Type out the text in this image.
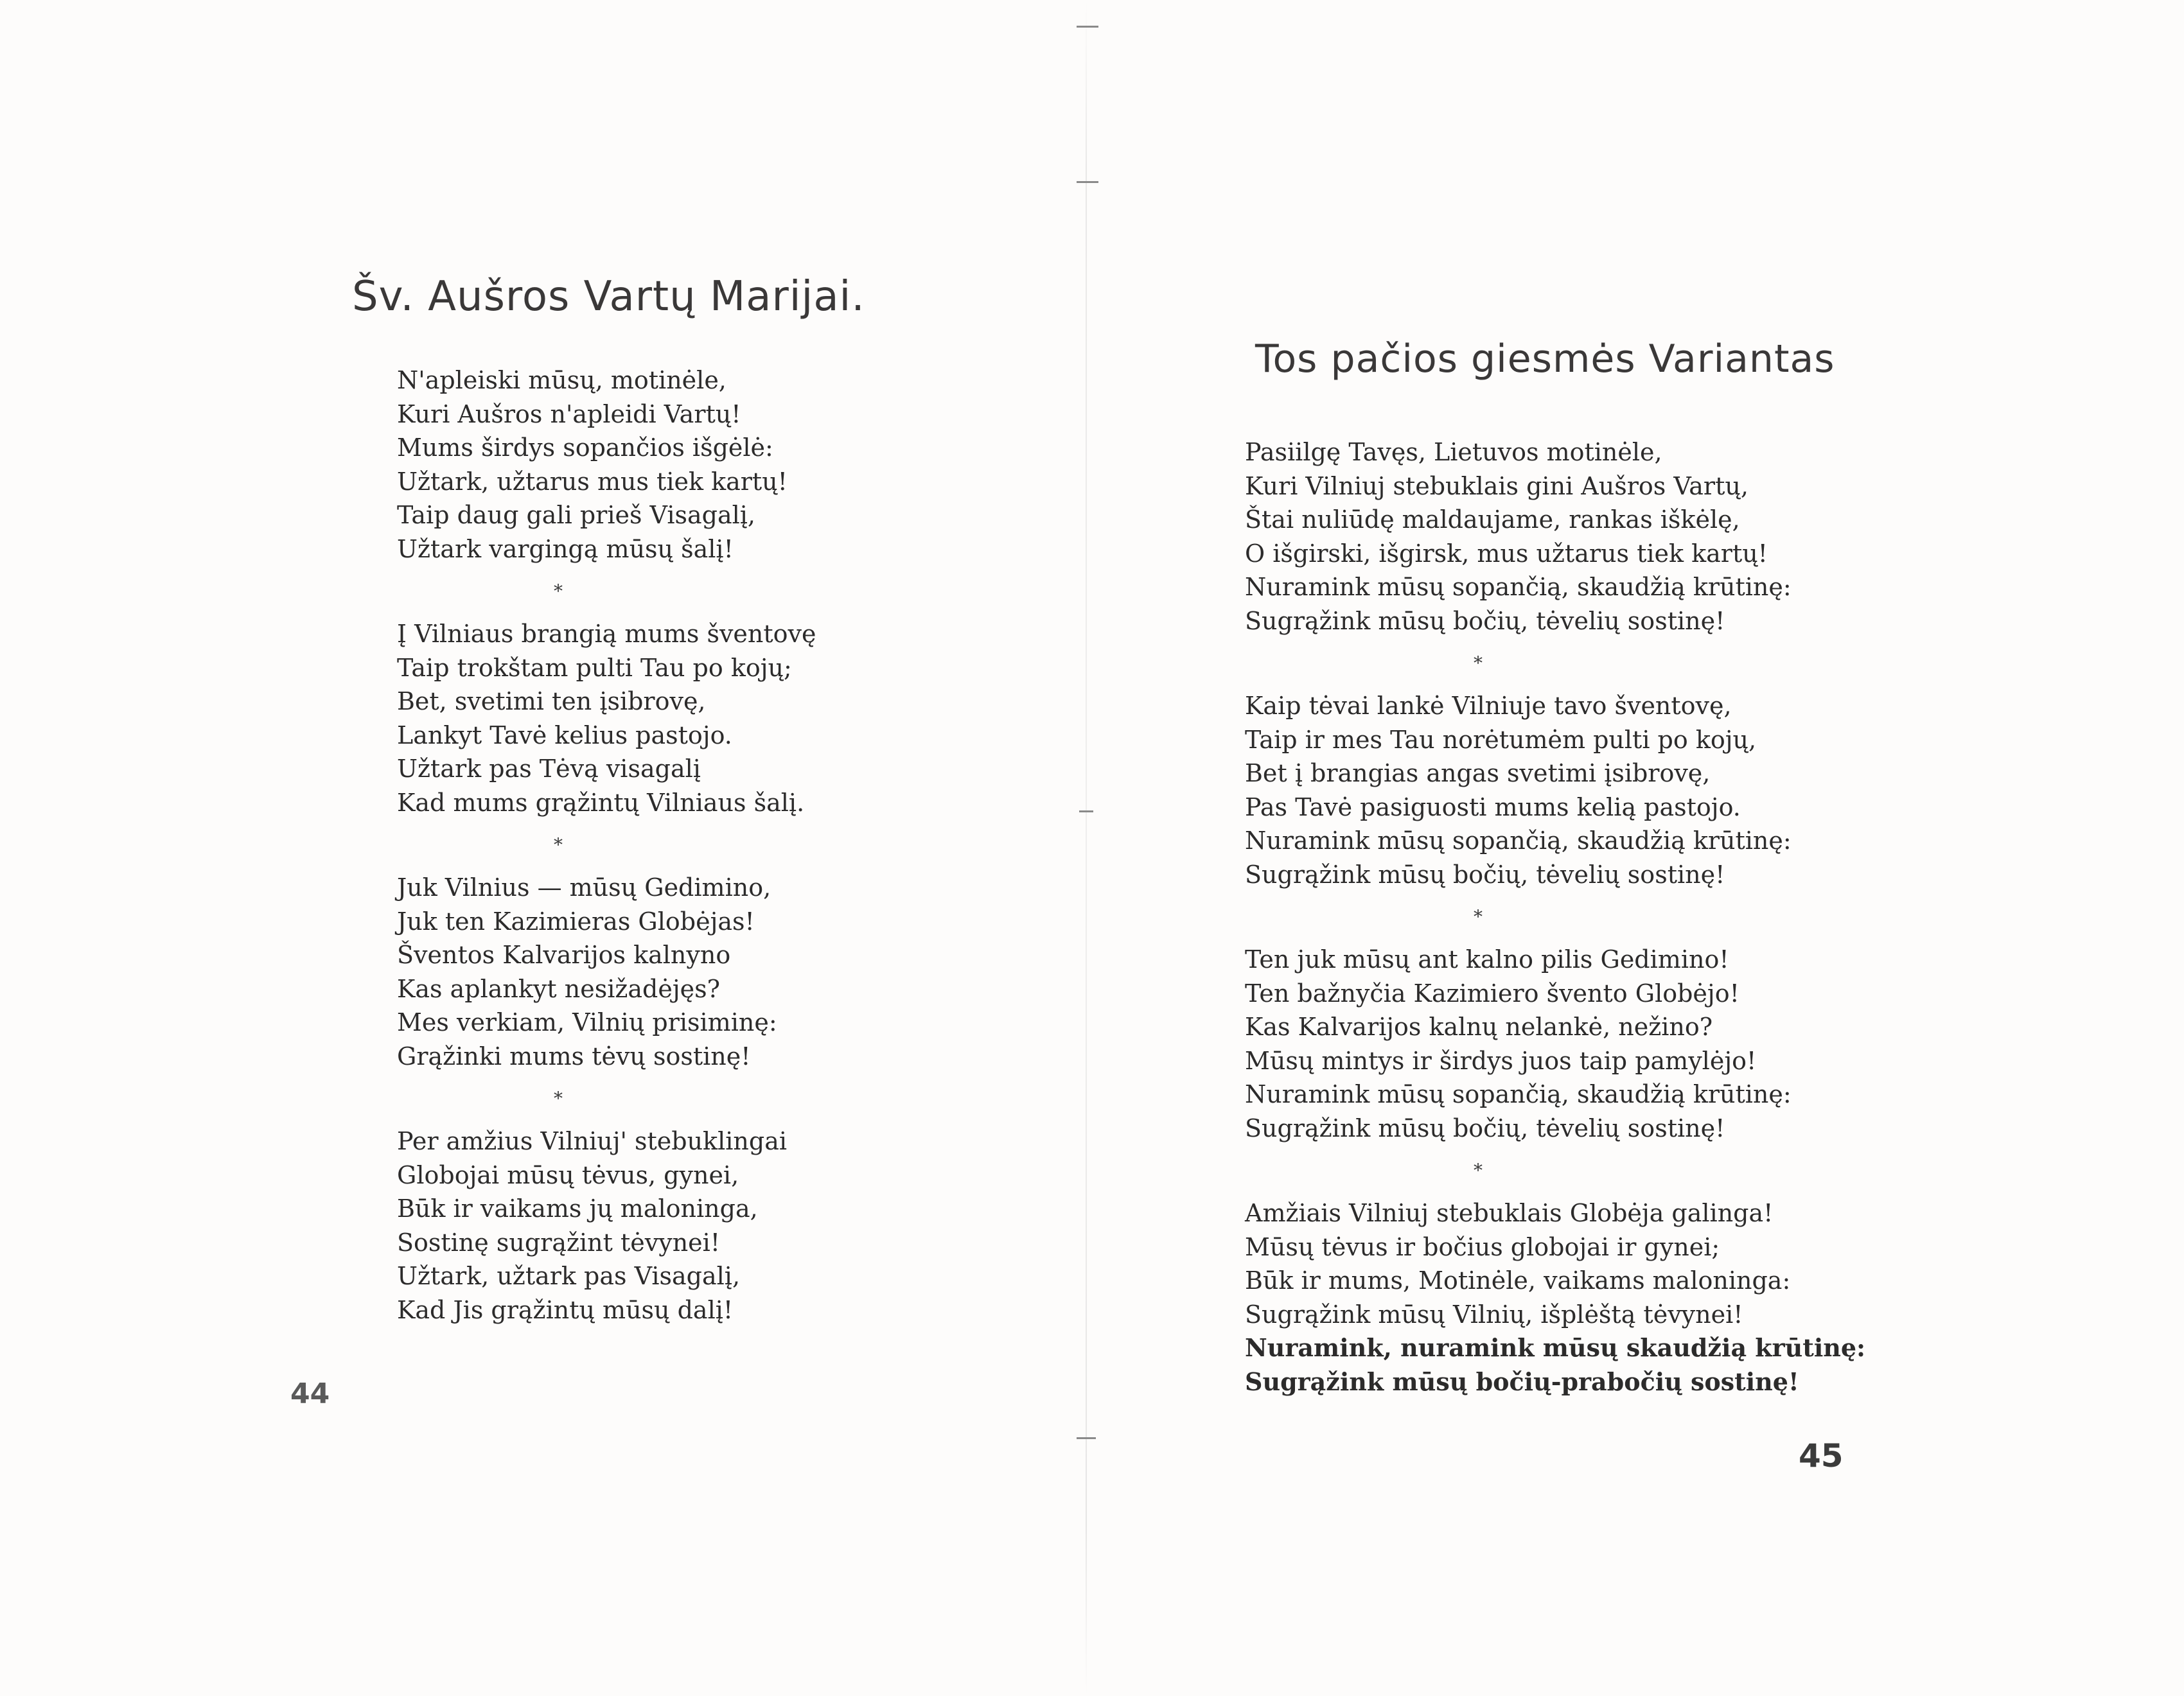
Šv. Aušros Vartų Marijai.
N'apleiski mūsų, motinėle,
Kuri Aušros n'apleidi Vartų!
Mums širdys sopančios išgėlė:
Užtark, užtarus mus tiek kartų!
Taip daug gali prieš Visagalį,
Užtark vargingą mūsų šalį!
*
Į Vilniaus brangią mums šventovę
Taip trokštam pulti Tau po kojų;
Bet, svetimi ten įsibrovę,
Lankyt Tavė kelius pastojo.
Užtark pas Tėvą visagalį
Kad mums grąžintų Vilniaus šalį.
*
Juk Vilnius — mūsų Gedimino,
Juk ten Kazimieras Globėjas!
Šventos Kalvarijos kalnyno
Kas aplankyt nesižadėjęs?
Mes verkiam, Vilnių prisiminę:
Grąžinki mums tėvų sostinę!
*
Per amžius Vilniuj' stebuklingai
Globojai mūsų tėvus, gynei,
Būk ir vaikams jų maloninga,
Sostinę sugrąžint tėvynei!
Užtark, užtark pas Visagalį,
Kad Jis grąžintų mūsų dalį!
44
Tos pačios giesmės Variantas
Pasiilgę Tavęs, Lietuvos motinėle,
Kuri Vilniuj stebuklais gini Aušros Vartų,
Štai nuliūdę maldaujame, rankas iškėlę,
O išgirski, išgirsk, mus užtarus tiek kartų!
Nuramink mūsų sopančią, skaudžią krūtinę:
Sugrąžink mūsų bočių, tėvelių sostinę!
*
Kaip tėvai lankė Vilniuje tavo šventovę,
Taip ir mes Tau norėtumėm pulti po kojų,
Bet į brangias angas svetimi įsibrovę,
Pas Tavė pasiguosti mums kelią pastojo.
Nuramink mūsų sopančią, skaudžią krūtinę:
Sugrąžink mūsų bočių, tėvelių sostinę!
*
Ten juk mūsų ant kalno pilis Gedimino!
Ten bažnyčia Kazimiero švento Globėjo!
Kas Kalvarijos kalnų nelankė, nežino?
Mūsų mintys ir širdys juos taip pamylėjo!
Nuramink mūsų sopančią, skaudžią krūtinę:
Sugrąžink mūsų bočių, tėvelių sostinę!
*
Amžiais Vilniuj stebuklais Globėja galinga!
Mūsų tėvus ir bočius globojai ir gynei;
Būk ir mums, Motinėle, vaikams maloninga:
Sugrąžink mūsų Vilnių, išplėštą tėvynei!
Nuramink, nuramink mūsų skaudžią krūtinę:
Sugrąžink mūsų bočių-prabočių sostinę!
45
